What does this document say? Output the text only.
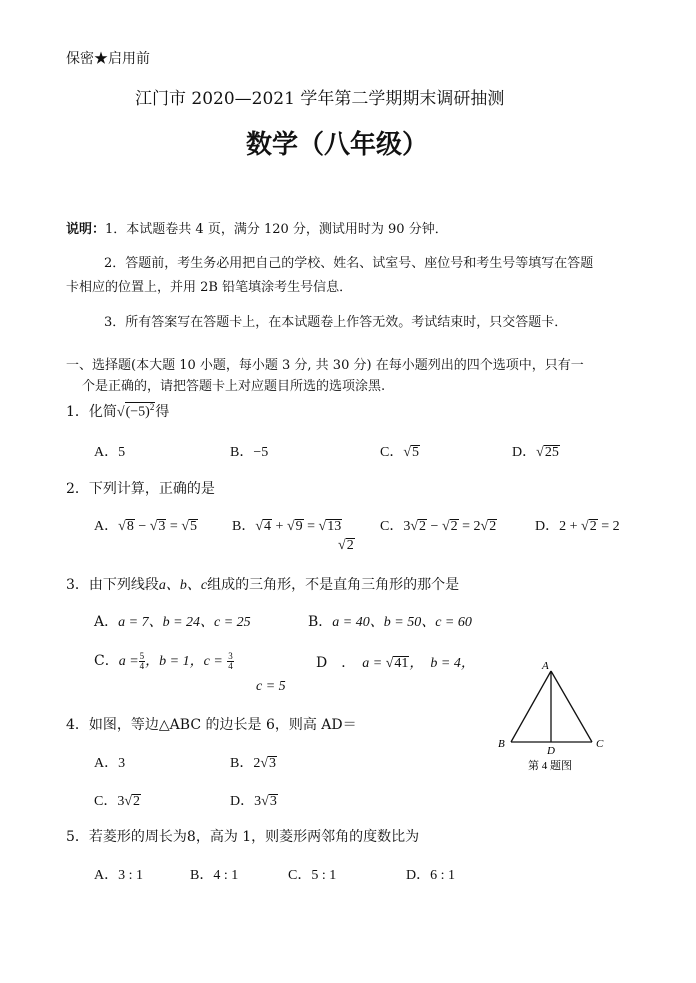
保密★启用前
江门市 2020—2021 学年第二学期期末调研抽测
数学（八年级）
说明：1．本试题卷共 4 页，满分 120 分，测试用时为 90 分钟．
2．答题前，考生务必用把自己的学校、姓名、试室号、座位号和考生号等填写在答题
卡相应的位置上，并用 2B 铅笔填涂考生号信息．
3．所有答案写在答题卡上，在本试题卷上作答无效。考试结束时，只交答题卡．
一、选择题(本大题 10 小题，每小题 3 分, 共 30 分) 在每小题列出的四个选项中，只有一
个是正确的，请把答题卡上对应题目所选的选项涂黑.
1．化简$√(-5)^2$得
A．5	B．−5	C．√5	D．√25
2．下列计算，正确的是
A．√8 − √3 = √5	B．√4 + √9 = √13	C．3√2 − √2 = 2√2	D．2 + √2 = 2
√2
3．由下列线段a、b、c组成的三角形，不是直角三角形的那个是
A．a = 7、b = 24、c = 25	B．a = 40、b = 50、c = 60
C．$a = \frac{5}{4}$ ，b = 1，$c = \frac{3}{4}$	D　．　 a = √41，　b = 4，
c = 5
4．如图，等边△ABC 的边长是 6，则高 AD＝
A．3	B．2√3
C．3√2	D．3√3
A
B	C
D
第 4 题图
5．若菱形的周长为8，高为 1，则菱形两邻角的度数比为
A．3 : 1	B．4 : 1	C．5 : 1	D．6 : 1
